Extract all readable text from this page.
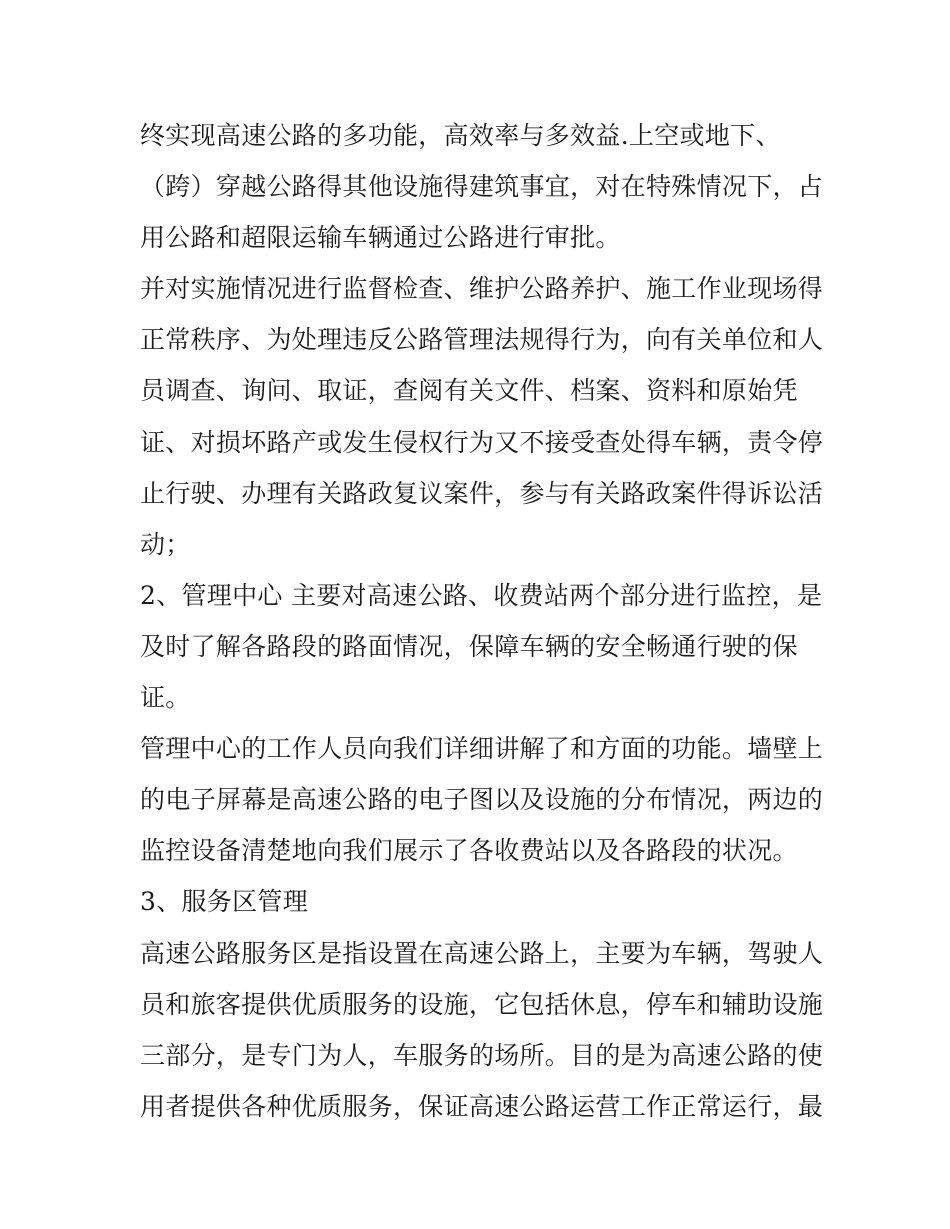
终实现高速公路的多功能，高效率与多效益.上空或地下、
（跨）穿越公路得其他设施得建筑事宜，对在特殊情况下，占
用公路和超限运输车辆通过公路进行审批。
并对实施情况进行监督检查、维护公路养护、施工作业现场得
正常秩序、为处理违反公路管理法规得行为，向有关单位和人
员调查、询问、取证，查阅有关文件、档案、资料和原始凭
证、对损坏路产或发生侵权行为又不接受查处得车辆，责令停
止行驶、办理有关路政复议案件，参与有关路政案件得诉讼活
动；
2、管理中心 主要对高速公路、收费站两个部分进行监控，是
及时了解各路段的路面情况，保障车辆的安全畅通行驶的保
证。
管理中心的工作人员向我们详细讲解了和方面的功能。墙壁上
的电子屏幕是高速公路的电子图以及设施的分布情况，两边的
监控设备清楚地向我们展示了各收费站以及各路段的状况。
3、服务区管理
高速公路服务区是指设置在高速公路上，主要为车辆，驾驶人
员和旅客提供优质服务的设施，它包括休息，停车和辅助设施
三部分，是专门为人，车服务的场所。目的是为高速公路的使
用者提供各种优质服务，保证高速公路运营工作正常运行，最
